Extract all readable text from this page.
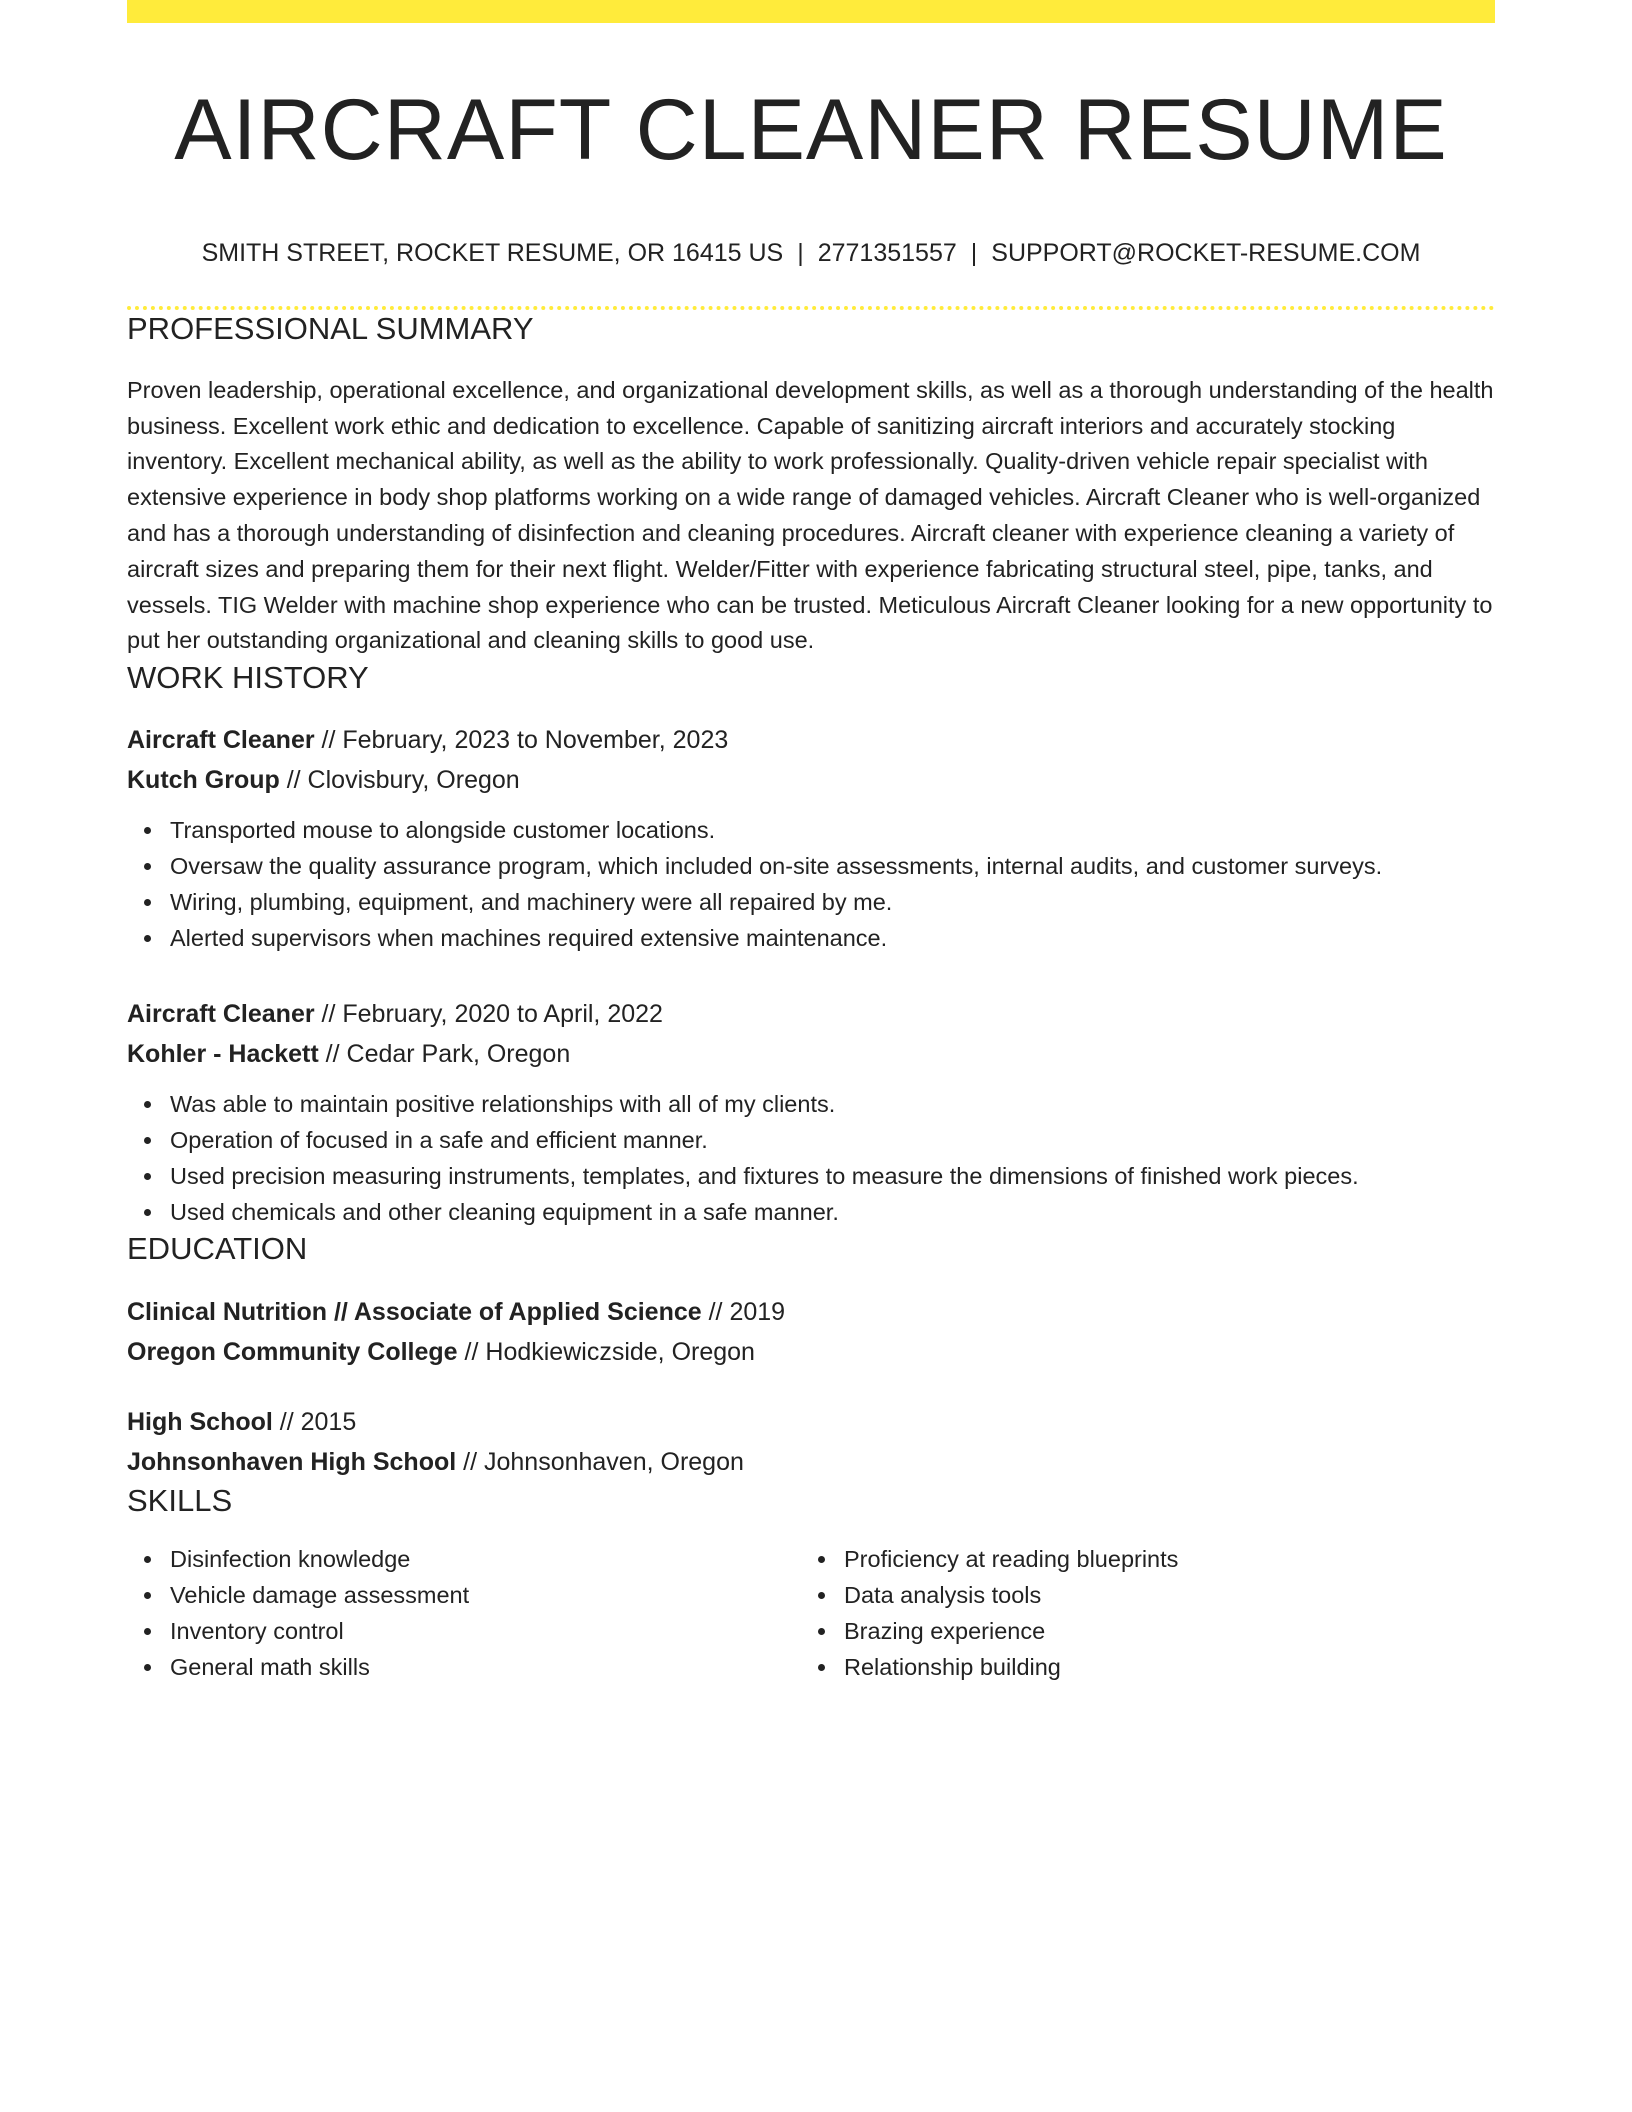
AIRCRAFT CLEANER RESUME
SMITH STREET, ROCKET RESUME, OR 16415 US | 2771351557 | SUPPORT@ROCKET-RESUME.COM
PROFESSIONAL SUMMARY

Proven leadership, operational excellence, and organizational development skills, as well as a thorough understanding of the health business. Excellent work ethic and dedication to excellence. Capable of sanitizing aircraft interiors and accurately stocking inventory. Excellent mechanical ability, as well as the ability to work professionally. Quality-driven vehicle repair specialist with extensive experience in body shop platforms working on a wide range of damaged vehicles. Aircraft Cleaner who is well-organized and has a thorough understanding of disinfection and cleaning procedures. Aircraft cleaner with experience cleaning a variety of aircraft sizes and preparing them for their next flight. Welder/Fitter with experience fabricating structural steel, pipe, tanks, and vessels. TIG Welder with machine shop experience who can be trusted. Meticulous Aircraft Cleaner looking for a new opportunity to put her outstanding organizational and cleaning skills to good use.

WORK HISTORY
Aircraft Cleaner // February, 2023 to November, 2023
Kutch Group // Clovisbury, Oregon
Transported mouse to alongside customer locations.
Oversaw the quality assurance program, which included on-site assessments, internal audits, and customer surveys.
Wiring, plumbing, equipment, and machinery were all repaired by me.
Alerted supervisors when machines required extensive maintenance.
Aircraft Cleaner // February, 2020 to April, 2022
Kohler - Hackett // Cedar Park, Oregon
Was able to maintain positive relationships with all of my clients.
Operation of focused in a safe and efficient manner.
Used precision measuring instruments, templates, and fixtures to measure the dimensions of finished work pieces.
Used chemicals and other cleaning equipment in a safe manner.
EDUCATION
Clinical Nutrition // Associate of Applied Science // 2019
Oregon Community College // Hodkiewiczside, Oregon
High School // 2015
Johnsonhaven High School // Johnsonhaven, Oregon
SKILLS
Disinfection knowledge
Vehicle damage assessment
Inventory control
General math skills
Proficiency at reading blueprints
Data analysis tools
Brazing experience
Relationship building
